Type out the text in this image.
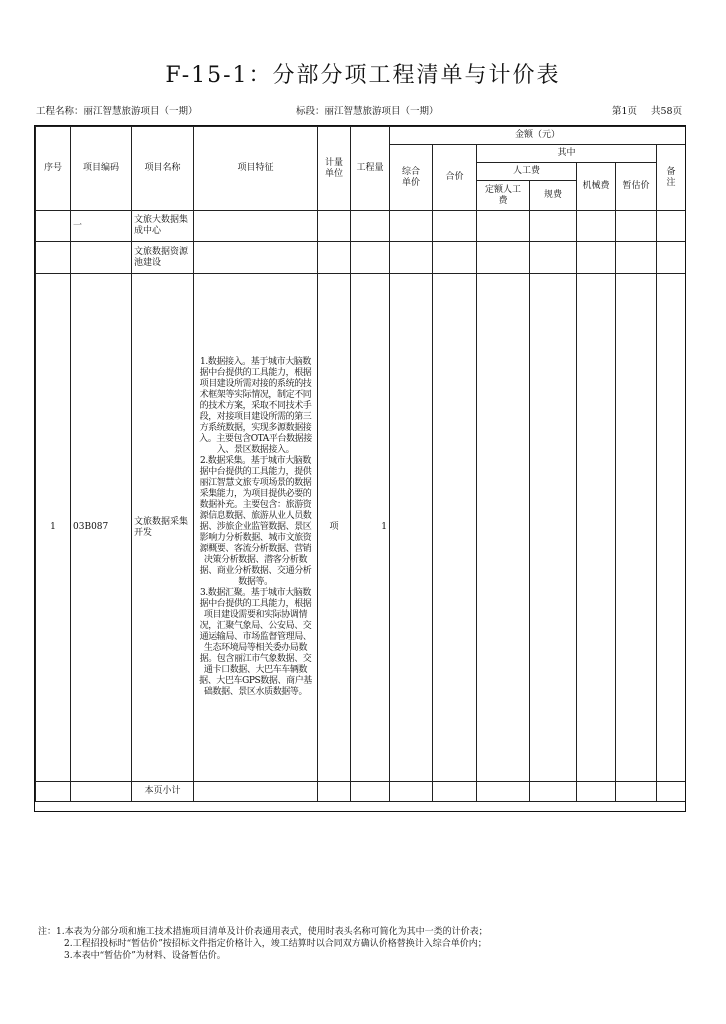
F-15-1：分部分项工程清单与计价表
工程名称：丽江智慧旅游项目（一期）	标段：丽江智慧旅游项目（一期）	第1页 共58页
序号	项目编码	项目名称	项目特征	计量单位	工程量	金额（元）						
						综合单价	合价	其中				备注
								人工费		机械费	暂估价	
								定额人工费	规费			
	一	文旅大数据集成中心										
		文旅数据资源池建设										
1	03B087	文旅数据采集开发	1.数据接入。基于城市大脑数据中台提供的工具能力，根据项目建设所需对接的系统的技术框架等实际情况，制定不同的技术方案，采取不同技术手段，对接项目建设所需的第三方系统数据，实现多源数据接入。主要包含OTA平台数据接入、景区数据接入。
2.数据采集。基于城市大脑数据中台提供的工具能力，提供丽江智慧文旅专项场景的数据采集能力，为项目提供必要的数据补充。主要包含：旅游资源信息数据、旅游从业人员数据、涉旅企业监管数据、景区影响力分析数据、城市文旅资源概要、客流分析数据、营销决策分析数据、潜客分析数据、商业分析数据、交通分析数据等。
3.数据汇聚。基于城市大脑数据中台提供的工具能力，根据项目建设需要和实际协调情况，汇聚气象局、公安局、交通运输局、市场监督管理局、生态环境局等相关委办局数据。包含丽江市气象数据、交通卡口数据、大巴车车辆数据、大巴车GPS数据、商户基础数据、景区水质数据等。	项	1							
		本页小计										
注：1.本表为分部分项和施工技术措施项目清单及计价表通用表式，使用时表头名称可简化为其中一类的计价表；
2.工程招投标时“暂估价”按招标文件指定价格计入，竣工结算时以合同双方确认价格替换计入综合单价内；
3.本表中“暂估价”为材料、设备暂估价。
